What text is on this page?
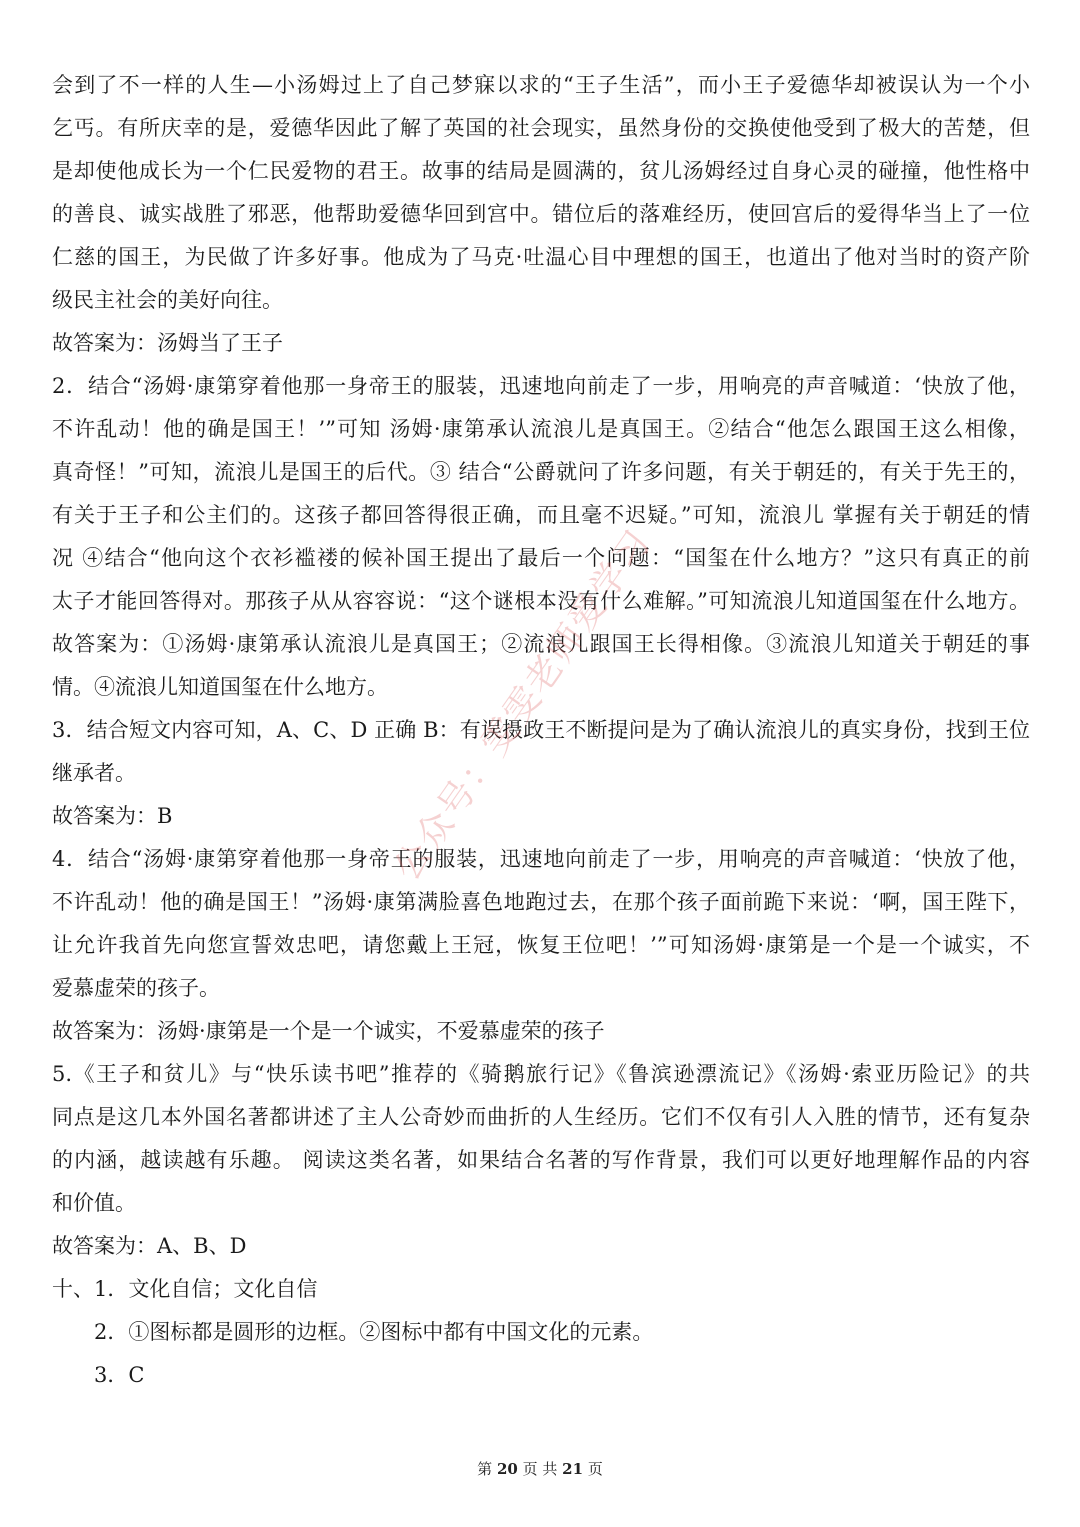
会到了不一样的人生—小汤姆过上了自己梦寐以求的“王子生活”，而小王子爱德华却被误认为一个小
乞丐。有所庆幸的是，爱德华因此了解了英国的社会现实，虽然身份的交换使他受到了极大的苦楚，但
是却使他成长为一个仁民爱物的君王。故事的结局是圆满的，贫儿汤姆经过自身心灵的碰撞，他性格中
的善良、诚实战胜了邪恶，他帮助爱德华回到宫中。错位后的落难经历，使回宫后的爱得华当上了一位
仁慈的国王，为民做了许多好事。他成为了马克·吐温心目中理想的国王，也道出了他对当时的资产阶
级民主社会的美好向往。
故答案为：汤姆当了王子
2．结合“汤姆·康第穿着他那一身帝王的服装，迅速地向前走了一步，用响亮的声音喊道：‘快放了他，
不许乱动！他的确是国王！’”可知 汤姆·康第承认流浪儿是真国王。②结合“他怎么跟国王这么相像，
真奇怪！”可知，流浪儿是国王的后代。③ 结合“公爵就问了许多问题，有关于朝廷的，有关于先王的，
有关于王子和公主们的。这孩子都回答得很正确，而且毫不迟疑。”可知，流浪儿 掌握有关于朝廷的情
况 ④结合“他向这个衣衫褴褛的候补国王提出了最后一个问题：“国玺在什么地方？”这只有真正的前
太子才能回答得对。那孩子从从容容说：“这个谜根本没有什么难解。”可知流浪儿知道国玺在什么地方。
故答案为：①汤姆·康第承认流浪儿是真国王；②流浪儿跟国王长得相像。③流浪儿知道关于朝廷的事
情。④流浪儿知道国玺在什么地方。
3．结合短文内容可知，A、C、D 正确 B：有误摄政王不断提问是为了确认流浪儿的真实身份，找到王位
继承者。
故答案为：B
4．结合“汤姆·康第穿着他那一身帝王的服装，迅速地向前走了一步，用响亮的声音喊道：‘快放了他，
不许乱动！他的确是国王！”汤姆·康第满脸喜色地跑过去，在那个孩子面前跪下来说：‘啊，国王陛下，
让允许我首先向您宣誓效忠吧，请您戴上王冠，恢复王位吧！’”可知汤姆·康第是一个是一个诚实，不
爱慕虚荣的孩子。
故答案为：汤姆·康第是一个是一个诚实，不爱慕虚荣的孩子
5.《王子和贫儿》与“快乐读书吧”推荐的《骑鹅旅行记》《鲁滨逊漂流记》《汤姆·索亚历险记》的共
同点是这几本外国名著都讲述了主人公奇妙而曲折的人生经历。它们不仅有引人入胜的情节，还有复杂
的内涵，越读越有乐趣。 阅读这类名著，如果结合名著的写作背景，我们可以更好地理解作品的内容
和价值。
故答案为：A、B、D
十、1．文化自信；文化自信
2．①图标都是圆形的边框。②图标中都有中国文化的元素。
3．C
公众号：雯雯老师爱学习
第 20 页 共 21 页
